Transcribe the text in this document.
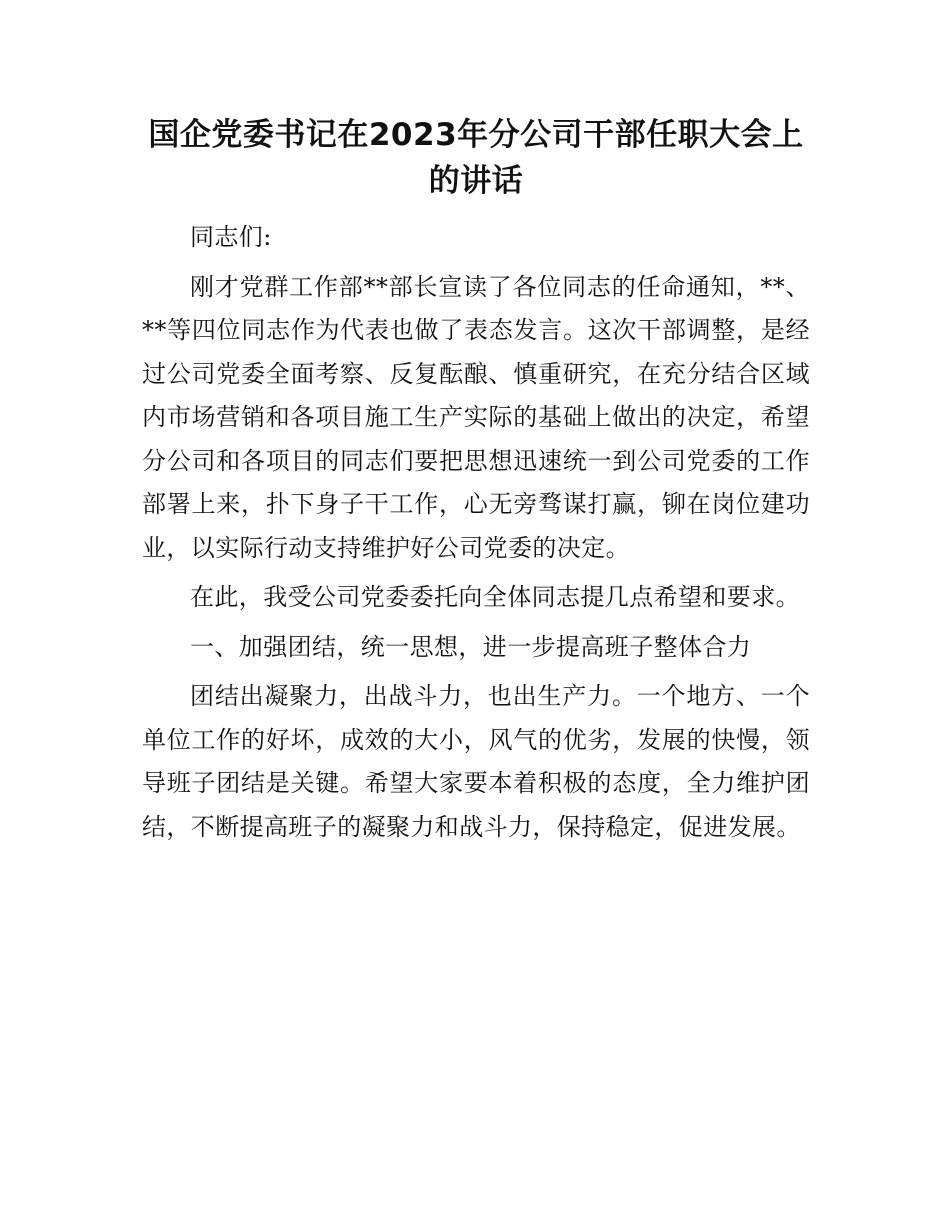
国企党委书记在2023年分公司干部任职大会上的讲话

同志们:

刚才党群工作部**部长宣读了各位同志的任命通知，**、**等四位同志作为代表也做了表态发言。这次干部调整，是经过公司党委全面考察、反复酝酿、慎重研究，在充分结合区域内市场营销和各项目施工生产实际的基础上做出的决定，希望分公司和各项目的同志们要把思想迅速统一到公司党委的工作部署上来，扑下身子干工作，心无旁骛谋打赢，铆在岗位建功业，以实际行动支持维护好公司党委的决定。

在此，我受公司党委委托向全体同志提几点希望和要求。

一、加强团结，统一思想，进一步提高班子整体合力

团结出凝聚力，出战斗力，也出生产力。一个地方、一个单位工作的好坏，成效的大小，风气的优劣，发展的快慢，领导班子团结是关键。希望大家要本着积极的态度，全力维护团结，不断提高班子的凝聚力和战斗力，保持稳定，促进发展。
